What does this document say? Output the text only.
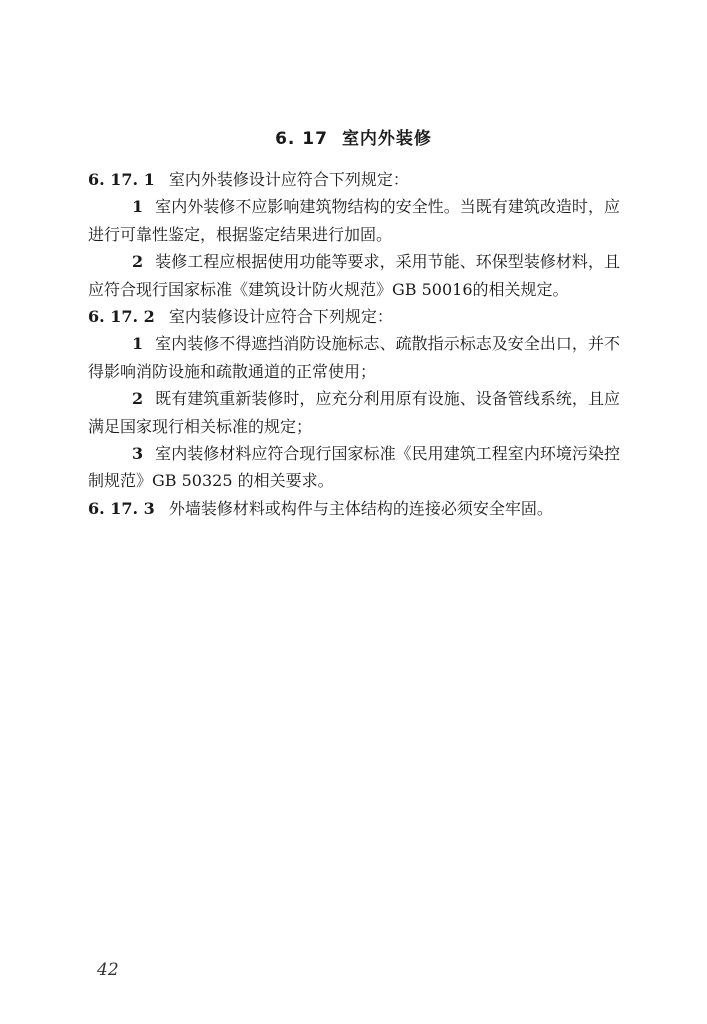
6. 17 室内外装修

6. 17. 1 室内外装修设计应符合下列规定：

1 室内外装修不应影响建筑物结构的安全性。当既有建筑改造时，应进行可靠性鉴定，根据鉴定结果进行加固。

2 装修工程应根据使用功能等要求，采用节能、环保型装修材料，且应符合现行国家标准《建筑设计防火规范》GB 50016的相关规定。

6. 17. 2 室内装修设计应符合下列规定：

1 室内装修不得遮挡消防设施标志、疏散指示标志及安全出口，并不得影响消防设施和疏散通道的正常使用；

2 既有建筑重新装修时，应充分利用原有设施、设备管线系统，且应满足国家现行相关标准的规定；

3 室内装修材料应符合现行国家标准《民用建筑工程室内环境污染控制规范》GB 50325 的相关要求。

6. 17. 3 外墙装修材料或构件与主体结构的连接必须安全牢固。

42
